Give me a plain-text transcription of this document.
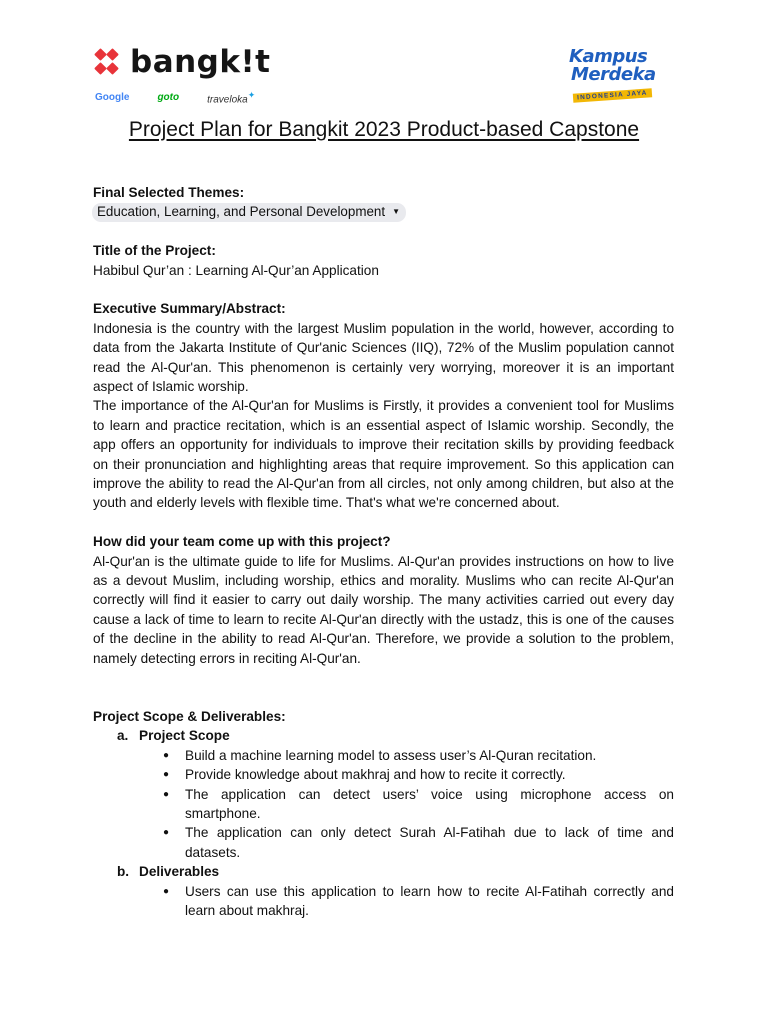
bangk!t
Google	goto	traveloka✦
Kampus
Merdeka
INDONESIA JAYA
Project Plan for Bangkit 2023 Product-based Capstone
Final Selected Themes:
Education, Learning, and Personal Development ▼
Title of the Project:
Habibul Qur’an : Learning Al-Qur’an Application
Executive Summary/Abstract:

Indonesia is the country with the largest Muslim population in the world, however, according to data from the Jakarta Institute of Qur'anic Sciences (IIQ), 72% of the Muslim population cannot read the Al-Qur'an. This phenomenon is certainly very worrying, moreover it is an important aspect of Islamic worship.

The importance of the Al-Qur'an for Muslims is Firstly, it provides a convenient tool for Muslims to learn and practice recitation, which is an essential aspect of Islamic worship. Secondly, the app offers an opportunity for individuals to improve their recitation skills by providing feedback on their pronunciation and highlighting areas that require improvement. So this application can improve the ability to read the Al-Qur'an from all circles, not only among children, but also at the youth and elderly levels with flexible time. That's what we're concerned about.

How did your team come up with this project?

Al-Qur'an is the ultimate guide to life for Muslims. Al-Qur'an provides instructions on how to live as a devout Muslim, including worship, ethics and morality. Muslims who can recite Al-Qur'an correctly will find it easier to carry out daily worship. The many activities carried out every day cause a lack of time to learn to recite Al-Qur'an directly with the ustadz, this is one of the causes of the decline in the ability to read Al-Qur'an. Therefore, we provide a solution to the problem, namely detecting errors in reciting Al-Qur'an.

Project Scope & Deliverables:
a. Project Scope
● Build a machine learning model to assess user’s Al-Quran recitation.
● Provide knowledge about makhraj and how to recite it correctly.
● The application can detect users’ voice using microphone access on smartphone.
● The application can only detect Surah Al-Fatihah due to lack of time and datasets.
b. Deliverables
● Users can use this application to learn how to recite Al-Fatihah correctly and learn about makhraj.
